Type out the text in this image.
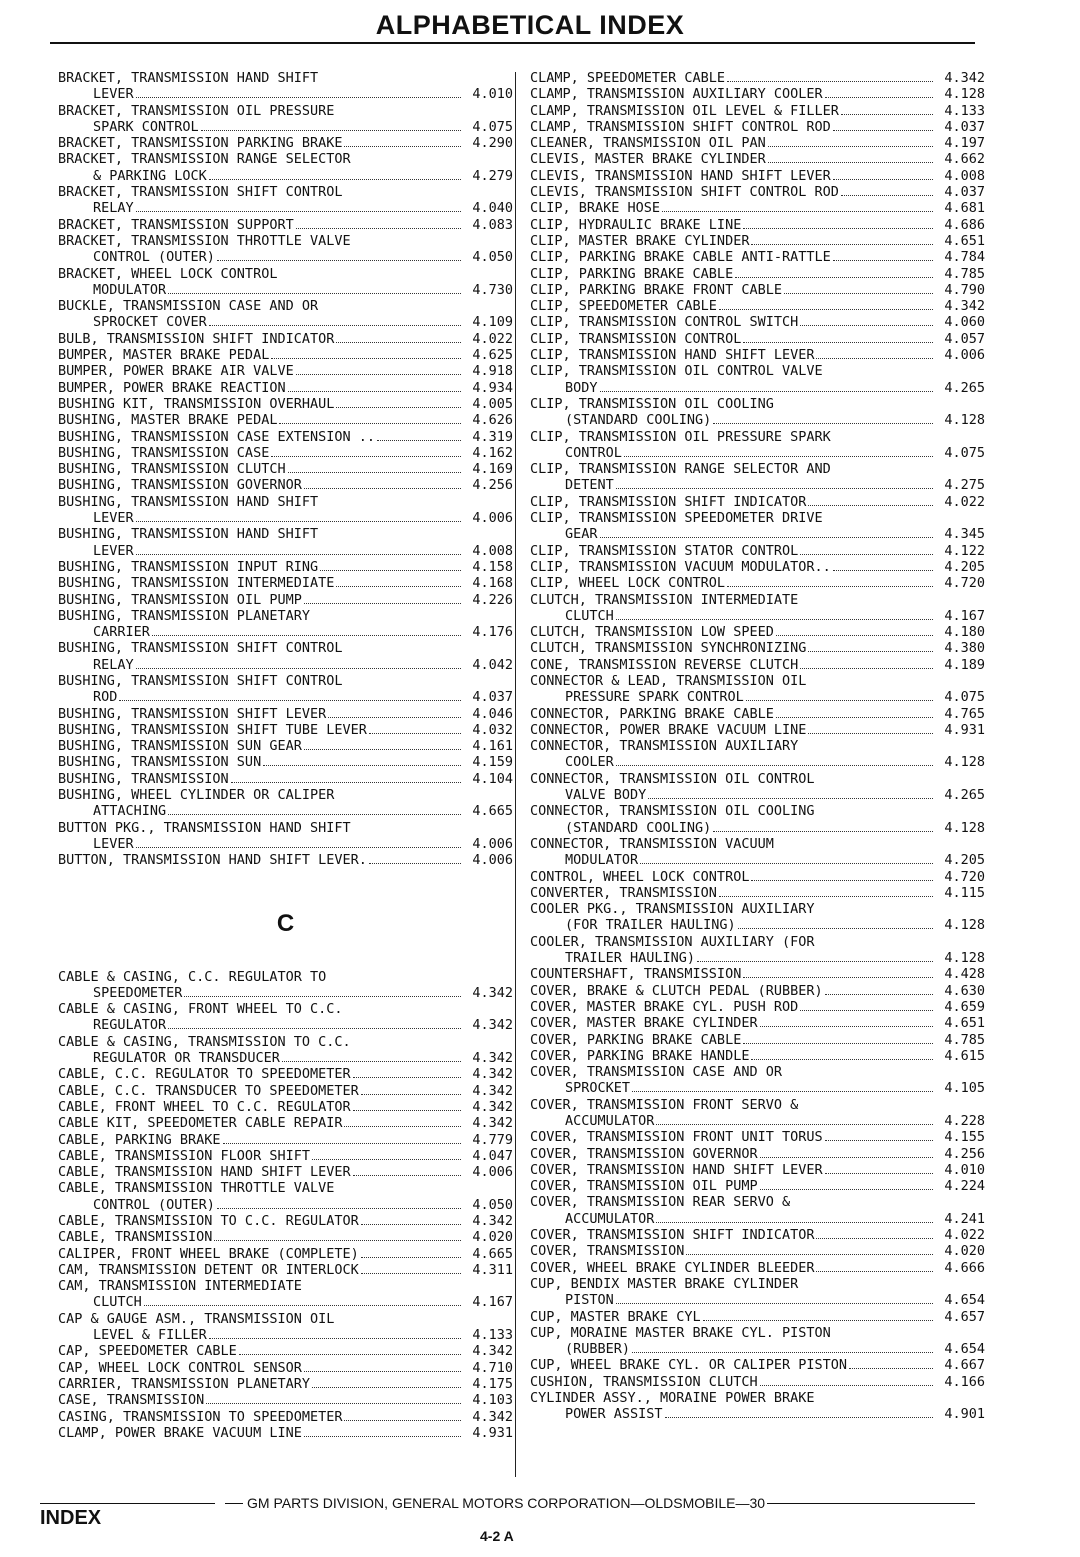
ALPHABETICAL INDEX
BRACKET, TRANSMISSION HAND SHIFT
LEVER	4.010
BRACKET, TRANSMISSION OIL PRESSURE
SPARK CONTROL	4.075
BRACKET, TRANSMISSION PARKING BRAKE	4.290
BRACKET, TRANSMISSION RANGE SELECTOR
& PARKING LOCK	4.279
BRACKET, TRANSMISSION SHIFT CONTROL
RELAY	4.040
BRACKET, TRANSMISSION SUPPORT	4.083
BRACKET, TRANSMISSION THROTTLE VALVE
CONTROL (OUTER)	4.050
BRACKET, WHEEL LOCK CONTROL
MODULATOR	4.730
BUCKLE, TRANSMISSION CASE AND OR
SPROCKET COVER	4.109
BULB, TRANSMISSION SHIFT INDICATOR	4.022
BUMPER, MASTER BRAKE PEDAL	4.625
BUMPER, POWER BRAKE AIR VALVE	4.918
BUMPER, POWER BRAKE REACTION	4.934
BUSHING KIT, TRANSMISSION OVERHAUL	4.005
BUSHING, MASTER BRAKE PEDAL	4.626
BUSHING, TRANSMISSION CASE EXTENSION ..	4.319
BUSHING, TRANSMISSION CASE	4.162
BUSHING, TRANSMISSION CLUTCH	4.169
BUSHING, TRANSMISSION GOVERNOR	4.256
BUSHING, TRANSMISSION HAND SHIFT
LEVER	4.006
BUSHING, TRANSMISSION HAND SHIFT
LEVER	4.008
BUSHING, TRANSMISSION INPUT RING	4.158
BUSHING, TRANSMISSION INTERMEDIATE	4.168
BUSHING, TRANSMISSION OIL PUMP	4.226
BUSHING, TRANSMISSION PLANETARY
CARRIER	4.176
BUSHING, TRANSMISSION SHIFT CONTROL
RELAY	4.042
BUSHING, TRANSMISSION SHIFT CONTROL
ROD	4.037
BUSHING, TRANSMISSION SHIFT LEVER	4.046
BUSHING, TRANSMISSION SHIFT TUBE LEVER	4.032
BUSHING, TRANSMISSION SUN GEAR	4.161
BUSHING, TRANSMISSION SUN	4.159
BUSHING, TRANSMISSION	4.104
BUSHING, WHEEL CYLINDER OR CALIPER
ATTACHING	4.665
BUTTON PKG., TRANSMISSION HAND SHIFT
LEVER	4.006
BUTTON, TRANSMISSION HAND SHIFT LEVER.	4.006
C
CABLE & CASING, C.C. REGULATOR TO
SPEEDOMETER	4.342
CABLE & CASING, FRONT WHEEL TO C.C.
REGULATOR	4.342
CABLE & CASING, TRANSMISSION TO C.C.
REGULATOR OR TRANSDUCER	4.342
CABLE, C.C. REGULATOR TO SPEEDOMETER	4.342
CABLE, C.C. TRANSDUCER TO SPEEDOMETER	4.342
CABLE, FRONT WHEEL TO C.C. REGULATOR	4.342
CABLE KIT, SPEEDOMETER CABLE REPAIR	4.342
CABLE, PARKING BRAKE	4.779
CABLE, TRANSMISSION FLOOR SHIFT	4.047
CABLE, TRANSMISSION HAND SHIFT LEVER	4.006
CABLE, TRANSMISSION THROTTLE VALVE
CONTROL (OUTER)	4.050
CABLE, TRANSMISSION TO C.C. REGULATOR	4.342
CABLE, TRANSMISSION	4.020
CALIPER, FRONT WHEEL BRAKE (COMPLETE)	4.665
CAM, TRANSMISSION DETENT OR INTERLOCK	4.311
CAM, TRANSMISSION INTERMEDIATE
CLUTCH	4.167
CAP & GAUGE ASM., TRANSMISSION OIL
LEVEL & FILLER	4.133
CAP, SPEEDOMETER CABLE	4.342
CAP, WHEEL LOCK CONTROL SENSOR	4.710
CARRIER, TRANSMISSION PLANETARY	4.175
CASE, TRANSMISSION	4.103
CASING, TRANSMISSION TO SPEEDOMETER	4.342
CLAMP, POWER BRAKE VACUUM LINE	4.931
CLAMP, SPEEDOMETER CABLE	4.342
CLAMP, TRANSMISSION AUXILIARY COOLER	4.128
CLAMP, TRANSMISSION OIL LEVEL & FILLER	4.133
CLAMP, TRANSMISSION SHIFT CONTROL ROD	4.037
CLEANER, TRANSMISSION OIL PAN	4.197
CLEVIS, MASTER BRAKE CYLINDER	4.662
CLEVIS, TRANSMISSION HAND SHIFT LEVER	4.008
CLEVIS, TRANSMISSION SHIFT CONTROL ROD	4.037
CLIP, BRAKE HOSE	4.681
CLIP, HYDRAULIC BRAKE LINE	4.686
CLIP, MASTER BRAKE CYLINDER	4.651
CLIP, PARKING BRAKE CABLE ANTI-RATTLE	4.784
CLIP, PARKING BRAKE CABLE	4.785
CLIP, PARKING BRAKE FRONT CABLE	4.790
CLIP, SPEEDOMETER CABLE	4.342
CLIP, TRANSMISSION CONTROL SWITCH	4.060
CLIP, TRANSMISSION CONTROL	4.057
CLIP, TRANSMISSION HAND SHIFT LEVER	4.006
CLIP, TRANSMISSION OIL CONTROL VALVE
BODY	4.265
CLIP, TRANSMISSION OIL COOLING
(STANDARD COOLING)	4.128
CLIP, TRANSMISSION OIL PRESSURE SPARK
CONTROL	4.075
CLIP, TRANSMISSION RANGE SELECTOR AND
DETENT	4.275
CLIP, TRANSMISSION SHIFT INDICATOR	4.022
CLIP, TRANSMISSION SPEEDOMETER DRIVE
GEAR	4.345
CLIP, TRANSMISSION STATOR CONTROL	4.122
CLIP, TRANSMISSION VACUUM MODULATOR..	4.205
CLIP, WHEEL LOCK CONTROL	4.720
CLUTCH, TRANSMISSION INTERMEDIATE
CLUTCH	4.167
CLUTCH, TRANSMISSION LOW SPEED	4.180
CLUTCH, TRANSMISSION SYNCHRONIZING	4.380
CONE, TRANSMISSION REVERSE CLUTCH	4.189
CONNECTOR & LEAD, TRANSMISSION OIL
PRESSURE SPARK CONTROL	4.075
CONNECTOR, PARKING BRAKE CABLE	4.765
CONNECTOR, POWER BRAKE VACUUM LINE	4.931
CONNECTOR, TRANSMISSION AUXILIARY
COOLER	4.128
CONNECTOR, TRANSMISSION OIL CONTROL
VALVE BODY	4.265
CONNECTOR, TRANSMISSION OIL COOLING
(STANDARD COOLING)	4.128
CONNECTOR, TRANSMISSION VACUUM
MODULATOR	4.205
CONTROL, WHEEL LOCK CONTROL	4.720
CONVERTER, TRANSMISSION	4.115
COOLER PKG., TRANSMISSION AUXILIARY
(FOR TRAILER HAULING)	4.128
COOLER, TRANSMISSION AUXILIARY (FOR
TRAILER HAULING)	4.128
COUNTERSHAFT, TRANSMISSION	4.428
COVER, BRAKE & CLUTCH PEDAL (RUBBER)	4.630
COVER, MASTER BRAKE CYL. PUSH ROD	4.659
COVER, MASTER BRAKE CYLINDER	4.651
COVER, PARKING BRAKE CABLE	4.785
COVER, PARKING BRAKE HANDLE	4.615
COVER, TRANSMISSION CASE AND OR
SPROCKET	4.105
COVER, TRANSMISSION FRONT SERVO &
ACCUMULATOR	4.228
COVER, TRANSMISSION FRONT UNIT TORUS	4.155
COVER, TRANSMISSION GOVERNOR	4.256
COVER, TRANSMISSION HAND SHIFT LEVER	4.010
COVER, TRANSMISSION OIL PUMP	4.224
COVER, TRANSMISSION REAR SERVO &
ACCUMULATOR	4.241
COVER, TRANSMISSION SHIFT INDICATOR	4.022
COVER, TRANSMISSION	4.020
COVER, WHEEL BRAKE CYLINDER BLEEDER	4.666
CUP, BENDIX MASTER BRAKE CYLINDER
PISTON	4.654
CUP, MASTER BRAKE CYL	4.657
CUP, MORAINE MASTER BRAKE CYL. PISTON
(RUBBER)	4.654
CUP, WHEEL BRAKE CYL. OR CALIPER PISTON	4.667
CUSHION, TRANSMISSION CLUTCH	4.166
CYLINDER ASSY., MORAINE POWER BRAKE
POWER ASSIST	4.901
GM PARTS DIVISION, GENERAL MOTORS CORPORATION—OLDSMOBILE—30
INDEX
4-2 A
